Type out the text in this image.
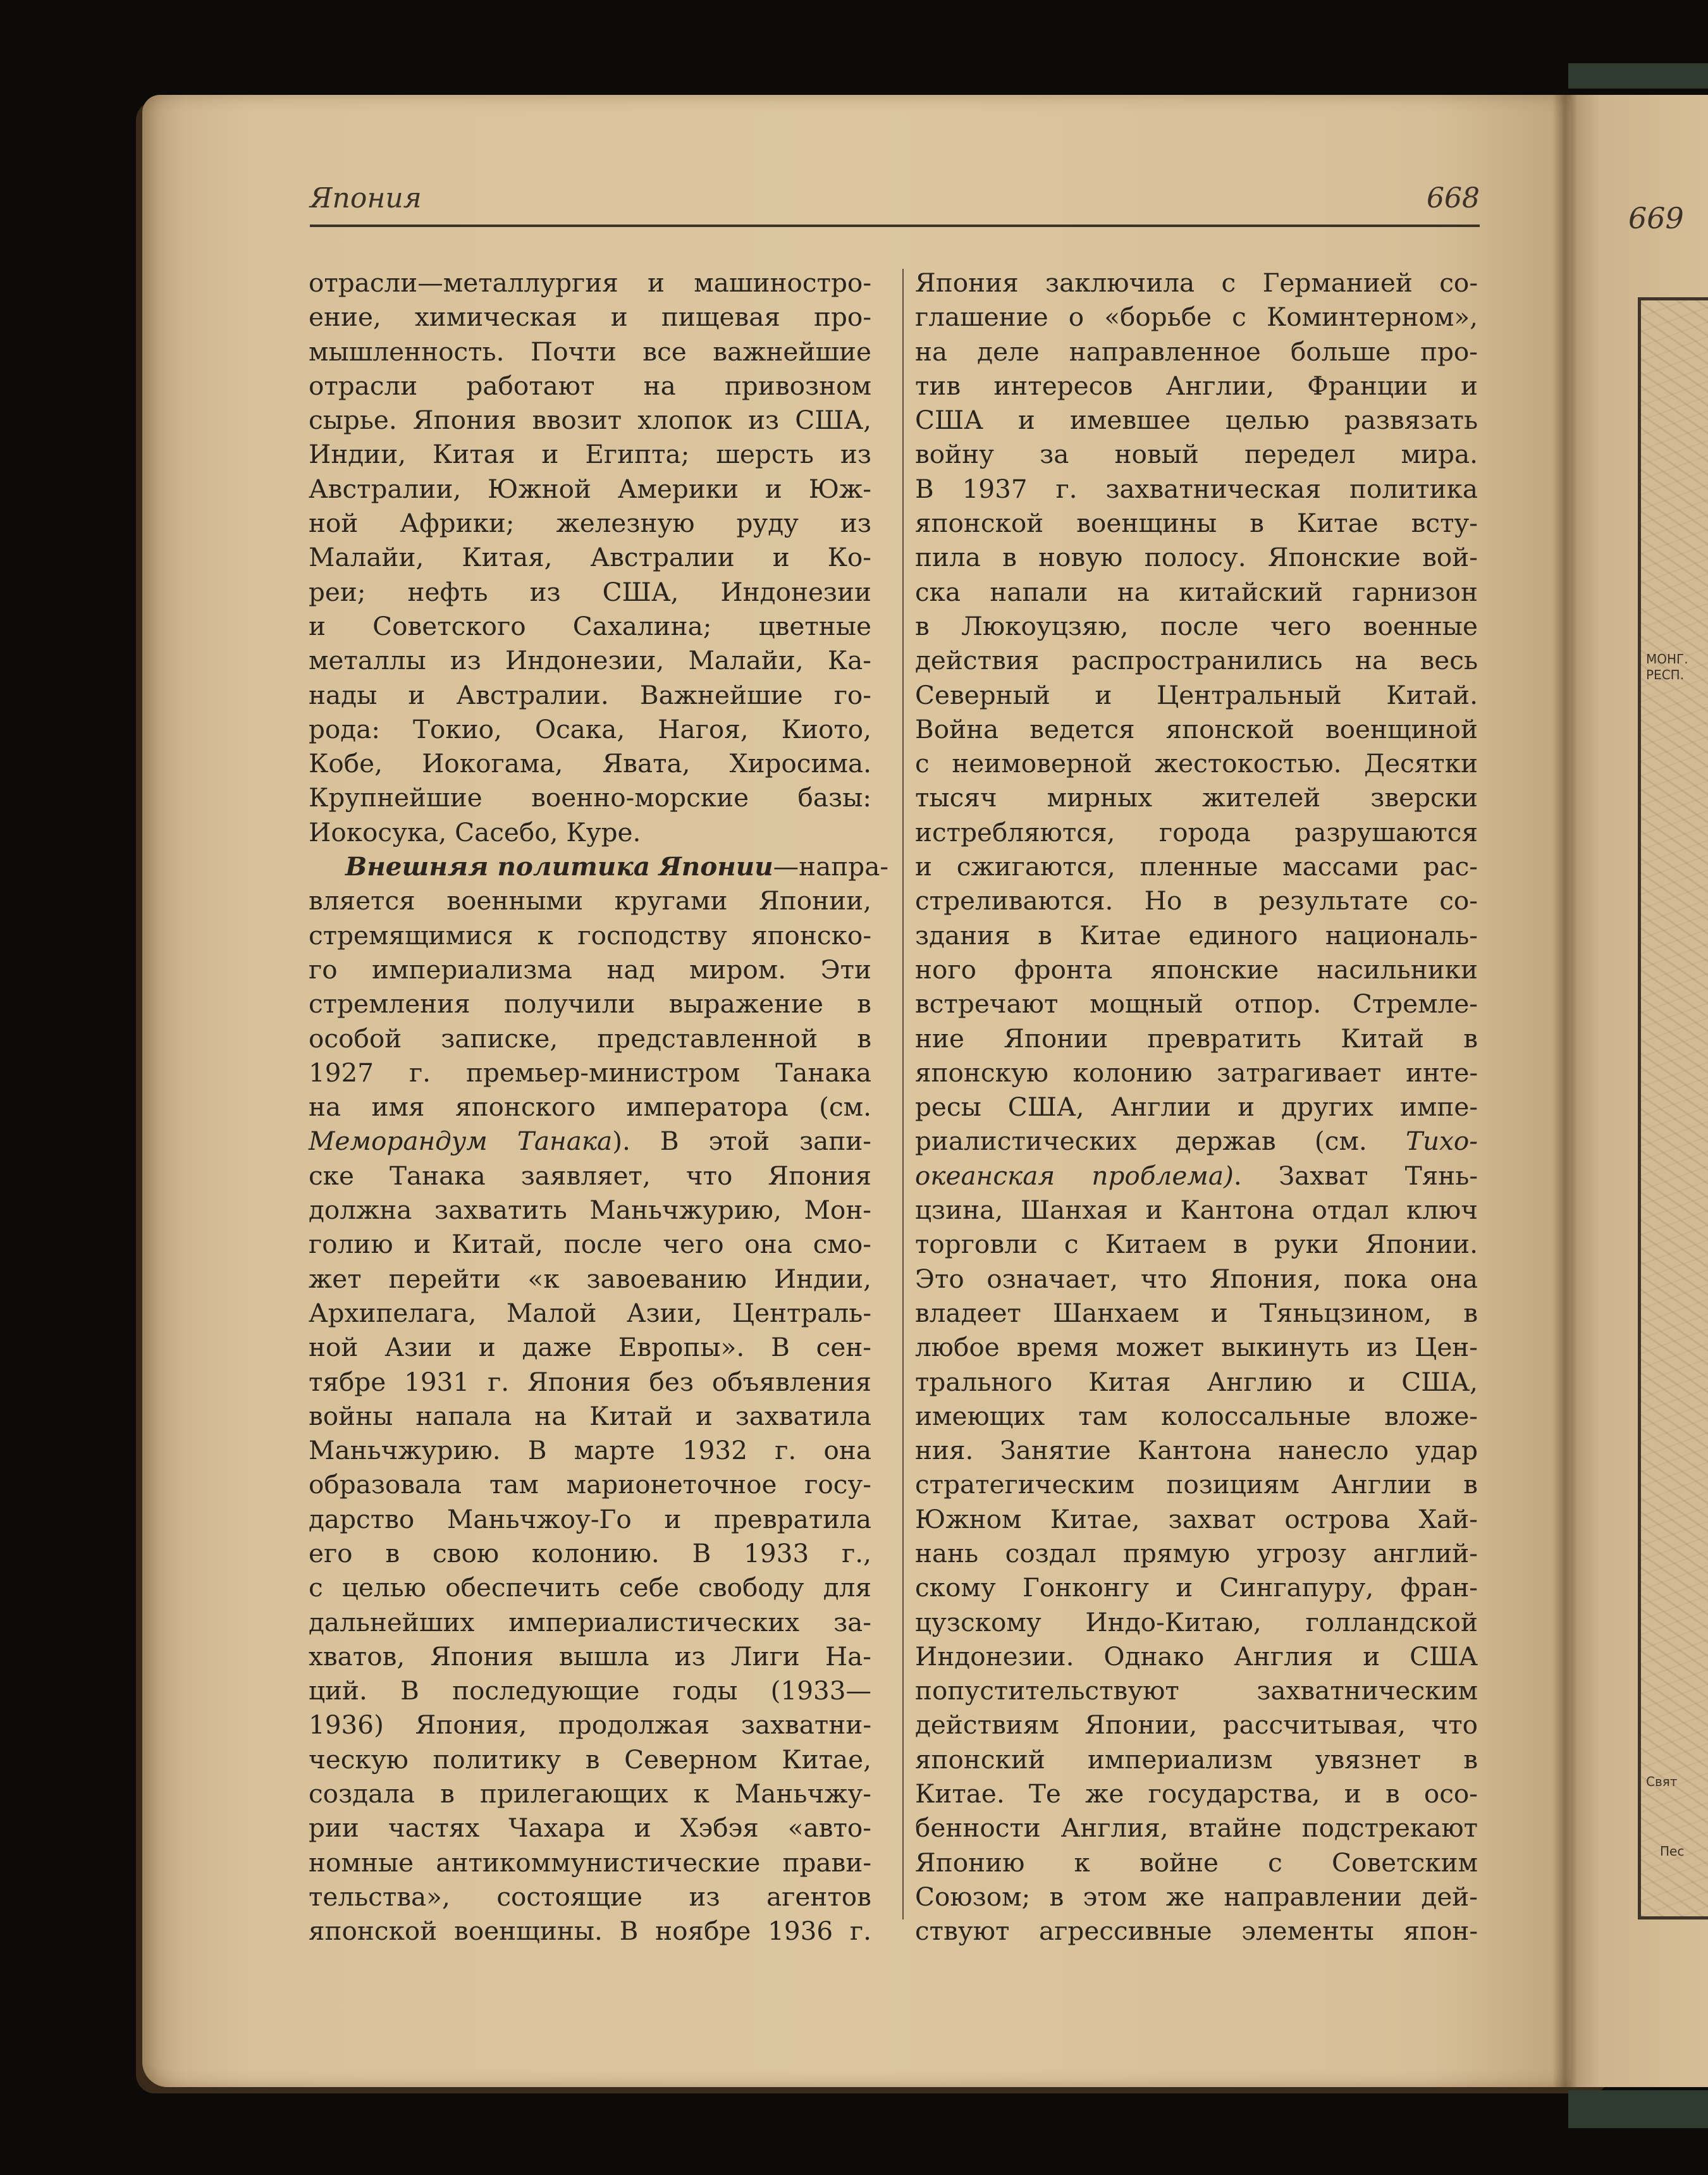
Япония	668
669
МОНГ.
РЕСП.
Свят
Пес
отрасли—металлургия и машиностро-
ение, химическая и пищевая про-
мышленность. Почти все важнейшие
отрасли работают на привозном
сырье. Япония ввозит хлопок из США,
Индии, Китая и Египта; шерсть из
Австралии, Южной Америки и Юж-
ной Африки; железную руду из
Малайи, Китая, Австралии и Ко-
реи; нефть из США, Индонезии
и Советского Сахалина; цветные
металлы из Индонезии, Малайи, Ка-
нады и Австралии. Важнейшие го-
рода: Токио, Осака, Нагоя, Киото,
Кобе, Иокогама, Явата, Хиросима.
Крупнейшие военно-морские базы:
Иокосука, Сасебо, Куре.
Внешняя политика Японии—напра-
вляется военными кругами Японии,
стремящимися к господству японско-
го империализма над миром. Эти
стремления получили выражение в
особой записке, представленной в
1927 г. премьер-министром Танака
на имя японского императора (см.
Меморандум Танака). В этой запи-
ске Танака заявляет, что Япония
должна захватить Маньчжурию, Мон-
голию и Китай, после чего она смо-
жет перейти «к завоеванию Индии,
Архипелага, Малой Азии, Централь-
ной Азии и даже Европы». В сен-
тябре 1931 г. Япония без объявления
войны напала на Китай и захватила
Маньчжурию. В марте 1932 г. она
образовала там марионеточное госу-
дарство Маньчжоу-Го и превратила
его в свою колонию. В 1933 г.,
с целью обеспечить себе свободу для
дальнейших империалистических за-
хватов, Япония вышла из Лиги На-
ций. В последующие годы (1933—
1936) Япония, продолжая захватни-
ческую политику в Северном Китае,
создала в прилегающих к Маньчжу-
рии частях Чахара и Хэбэя «авто-
номные антикоммунистические прави-
тельства», состоящие из агентов
японской военщины. В ноябре 1936 г.
Япония заключила с Германией со-
глашение о «борьбе с Коминтерном»,
на деле направленное больше про-
тив интересов Англии, Франции и
США и имевшее целью развязать
войну за новый передел мира.
В 1937 г. захватническая политика
японской военщины в Китае всту-
пила в новую полосу. Японские вой-
ска напали на китайский гарнизон
в Люкоуцзяю, после чего военные
действия распространились на весь
Северный и Центральный Китай.
Война ведется японской военщиной
с неимоверной жестокостью. Десятки
тысяч мирных жителей зверски
истребляются, города разрушаются
и сжигаются, пленные массами рас-
стреливаются. Но в результате со-
здания в Китае единого националь-
ного фронта японские насильники
встречают мощный отпор. Стремле-
ние Японии превратить Китай в
японскую колонию затрагивает инте-
ресы США, Англии и других импе-
риалистических держав (см. Тихо-
океанская проблема). Захват Тянь-
цзина, Шанхая и Кантона отдал ключ
торговли с Китаем в руки Японии.
Это означает, что Япония, пока она
владеет Шанхаем и Тяньцзином, в
любое время может выкинуть из Цен-
трального Китая Англию и США,
имеющих там колоссальные вложе-
ния. Занятие Кантона нанесло удар
стратегическим позициям Англии в
Южном Китае, захват острова Хай-
нань создал прямую угрозу англий-
скому Гонконгу и Сингапуру, фран-
цузскому Индо-Китаю, голландской
Индонезии. Однако Англия и США
попустительствуют захватническим
действиям Японии, рассчитывая, что
японский империализм увязнет в
Китае. Те же государства, и в осо-
бенности Англия, втайне подстрекают
Японию к войне с Советским
Союзом; в этом же направлении дей-
ствуют агрессивные элементы япон-
